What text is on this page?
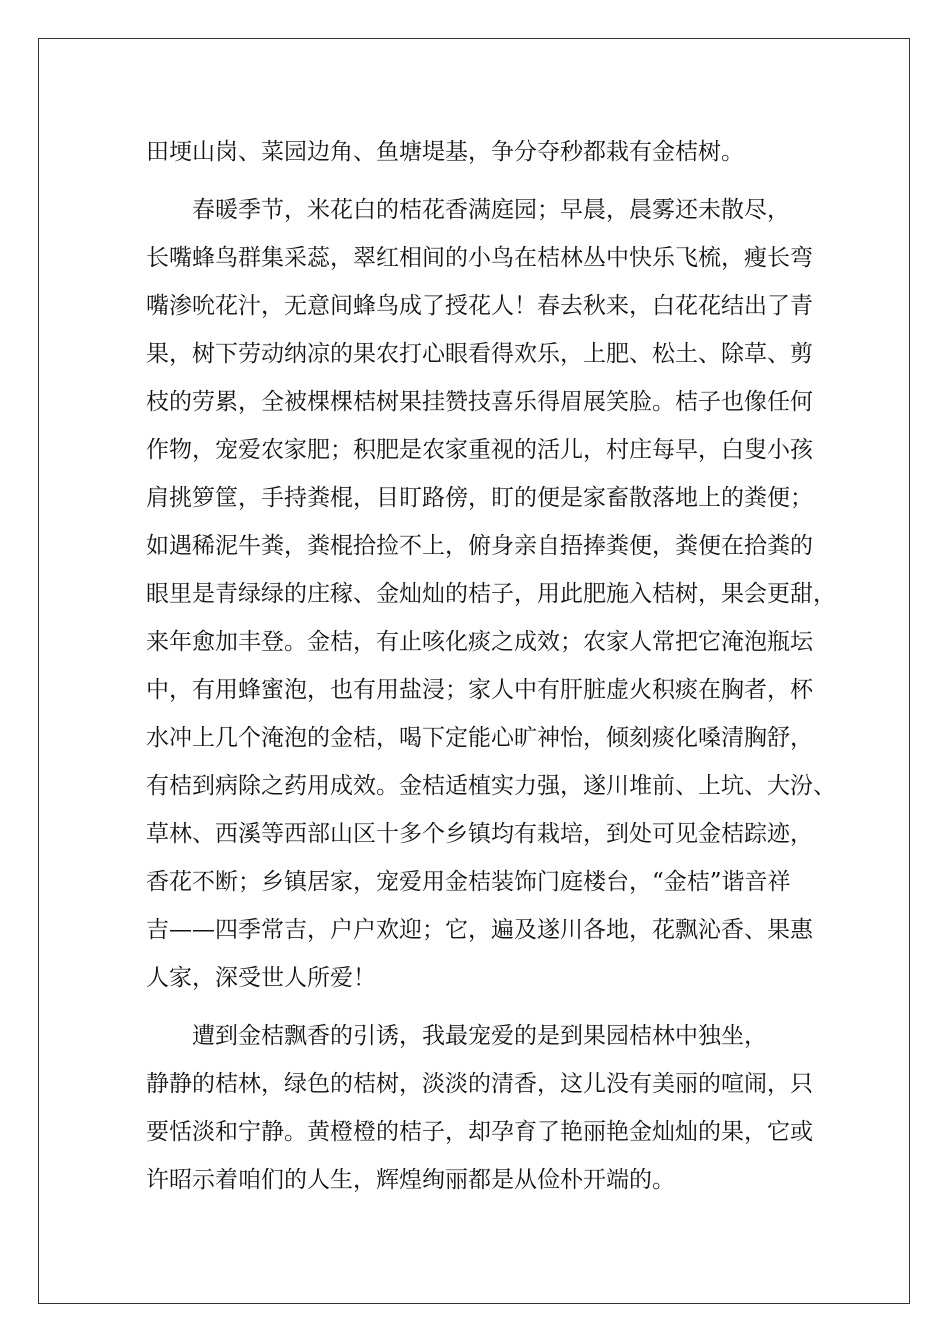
田埂山岗、菜园边角、鱼塘堤基，争分夺秒都栽有金桔树。
　　春暖季节，米花白的桔花香满庭园；早晨，晨雾还未散尽，
长嘴蜂鸟群集采蕊，翠红相间的小鸟在桔林丛中快乐飞梳，瘦长弯
嘴渗吮花汁，无意间蜂鸟成了授花人！春去秋来，白花花结出了青
果，树下劳动纳凉的果农打心眼看得欢乐，上肥、松土、除草、剪
枝的劳累，全被棵棵桔树果挂赞技喜乐得眉展笑脸。桔子也像任何
作物，宠爱农家肥；积肥是农家重视的活儿，村庄每早，白叟小孩
肩挑箩筐，手持粪棍，目盯路傍，盯的便是家畜散落地上的粪便；
如遇稀泥牛粪，粪棍拾捡不上，俯身亲自捂捧粪便，粪便在拾粪的
眼里是青绿绿的庄稼、金灿灿的桔子，用此肥施入桔树，果会更甜，
来年愈加丰登。金桔，有止咳化痰之成效；农家人常把它淹泡瓶坛
中，有用蜂蜜泡，也有用盐浸；家人中有肝脏虚火积痰在胸者，杯
水冲上几个淹泡的金桔，喝下定能心旷神怡，倾刻痰化嗓清胸舒，
有桔到病除之药用成效。金桔适植实力强，遂川堆前、上坑、大汾、
草林、西溪等西部山区十多个乡镇均有栽培，到处可见金桔踪迹，
香花不断；乡镇居家，宠爱用金桔装饰门庭楼台，“金桔”谐音祥
吉——四季常吉，户户欢迎；它，遍及遂川各地，花飘沁香、果惠
人家，深受世人所爱！
　　遭到金桔飘香的引诱，我最宠爱的是到果园桔林中独坐，
静静的桔林，绿色的桔树，淡淡的清香，这儿没有美丽的喧闹，只
要恬淡和宁静。黄橙橙的桔子，却孕育了艳丽艳金灿灿的果，它或
许昭示着咱们的人生，辉煌绚丽都是从俭朴开端的。
